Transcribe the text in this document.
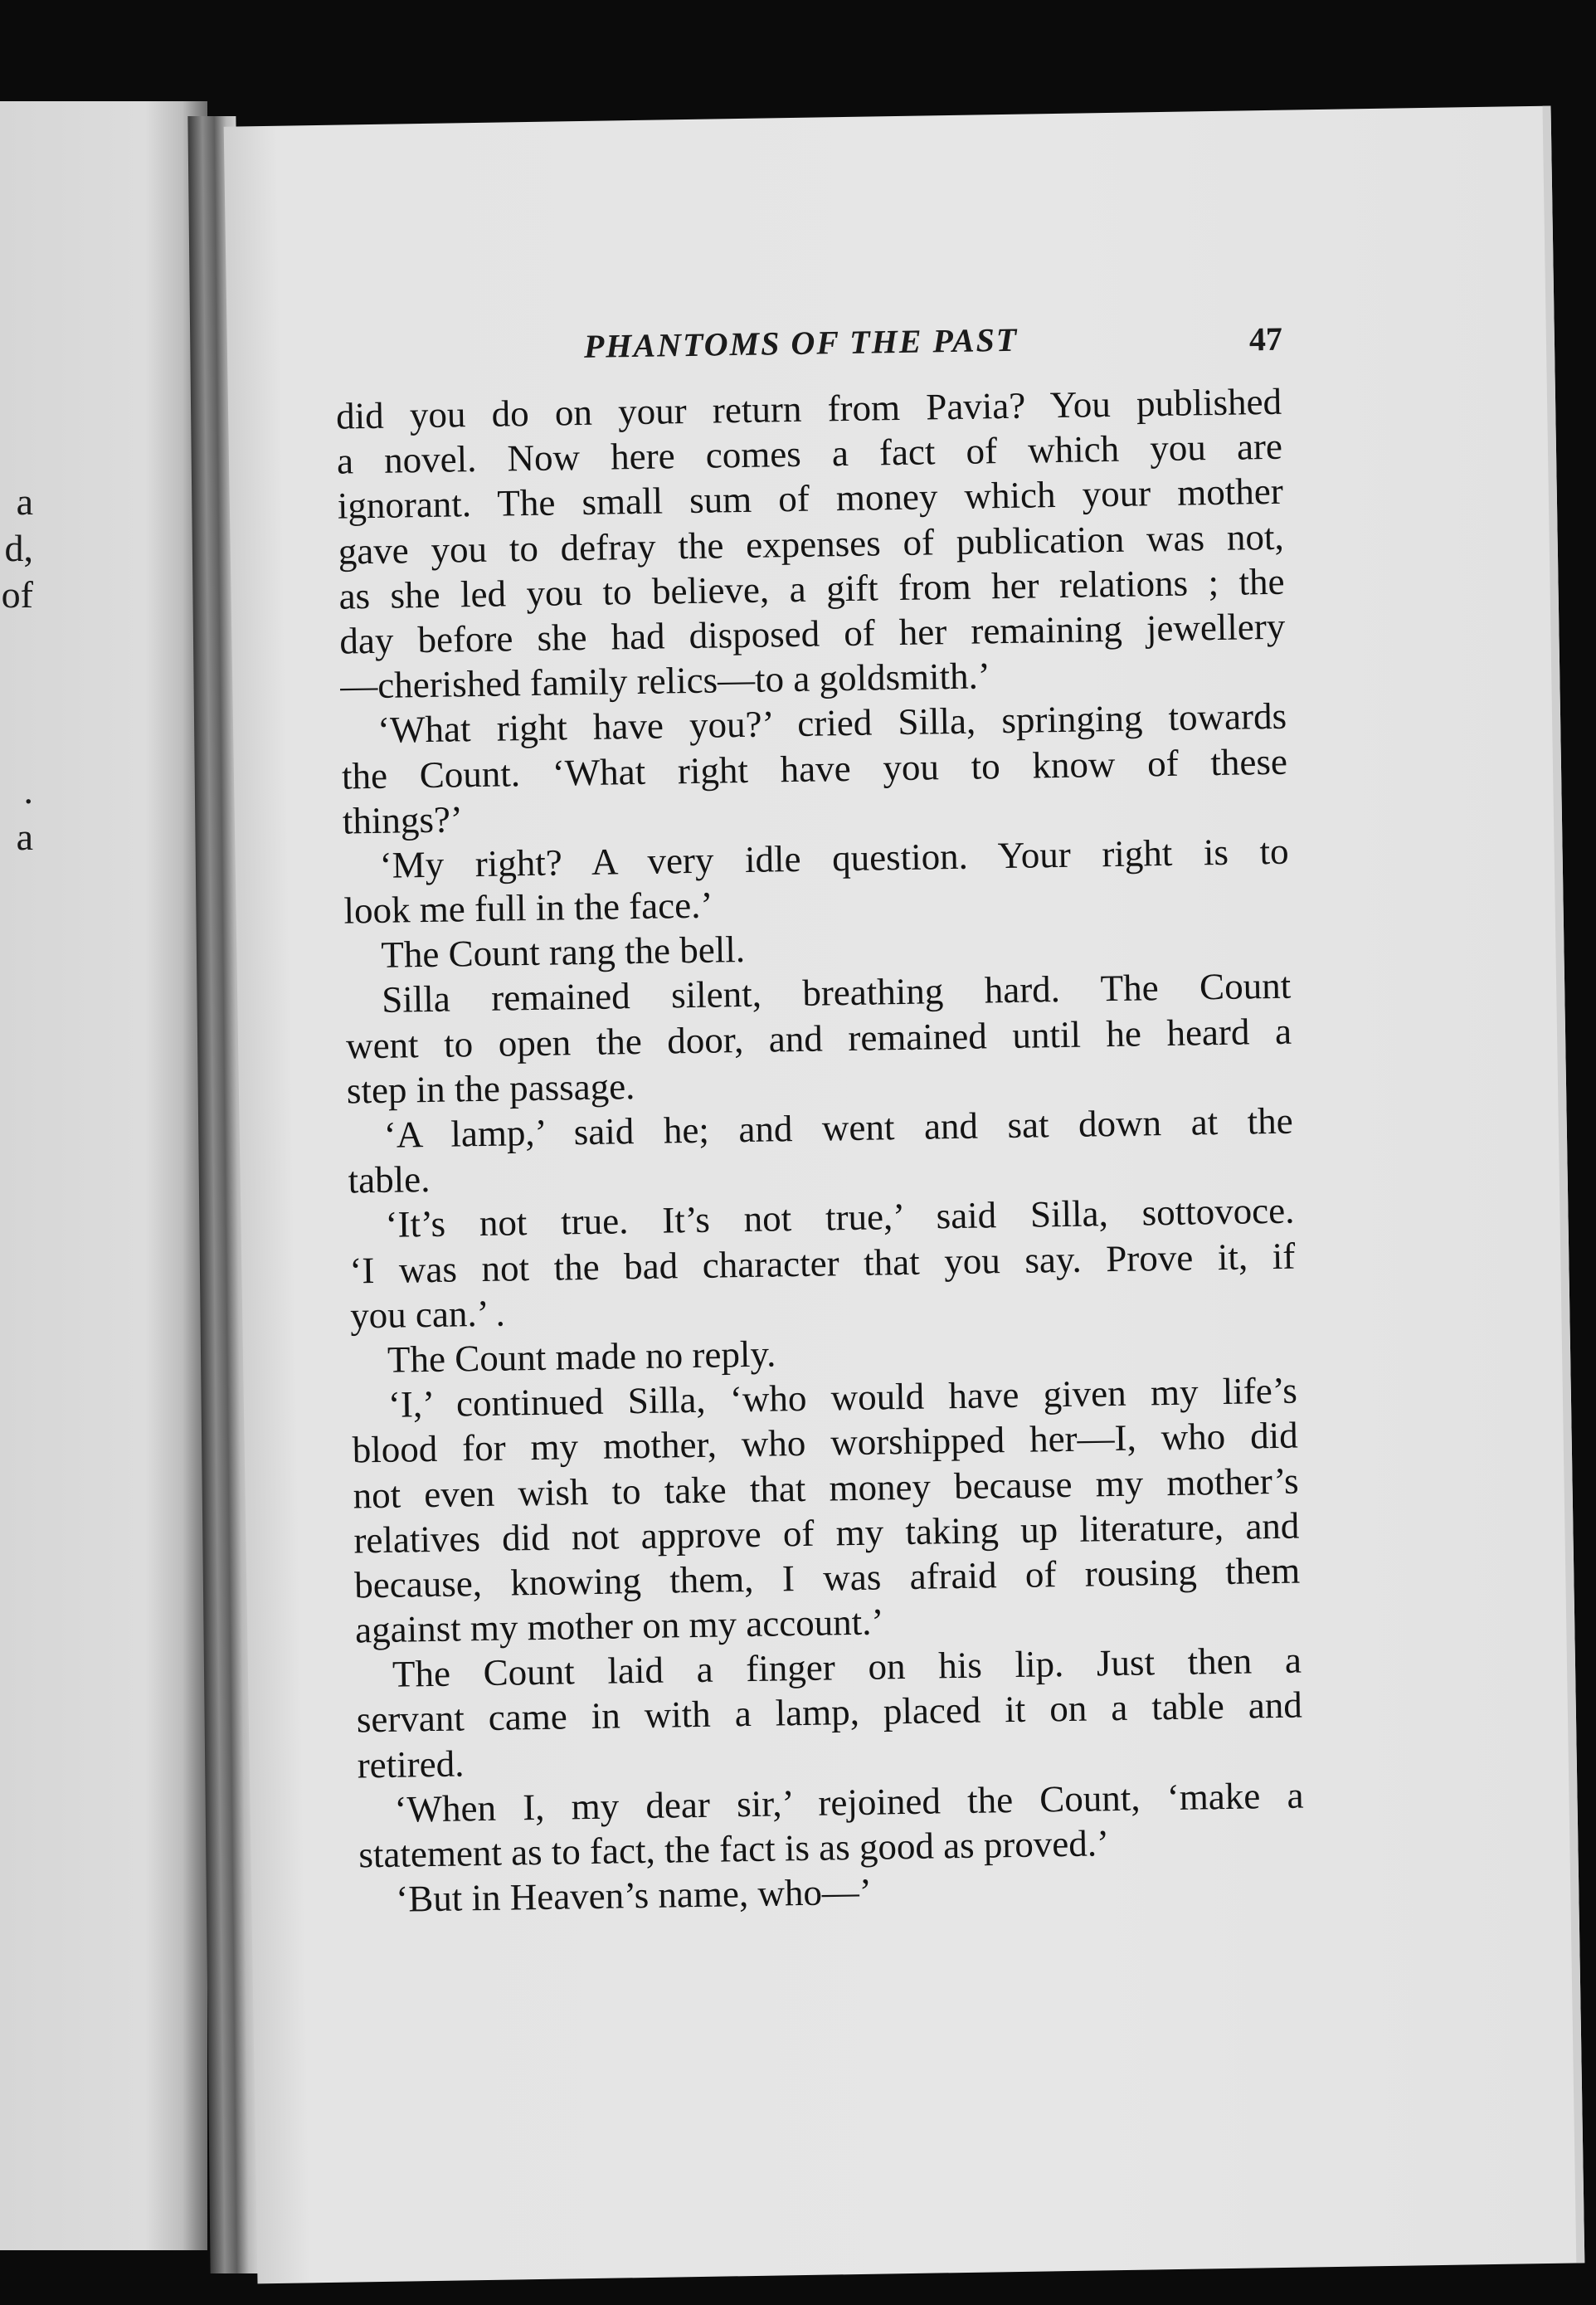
a
d,
of
.
a
PHANTOMS OF THE PAST	47
did you do on your return from Pavia? You published
a novel. Now here comes a fact of which you are
ignorant. The small sum of money which your mother
gave you to defray the expenses of publication was not,
as she led you to believe, a gift from her relations ; the
day before she had disposed of her remaining jewellery
—cherished family relics—to a goldsmith.’
‘What right have you?’ cried Silla, springing towards
the Count. ‘What right have you to know of these
things?’
‘My right? A very idle question. Your right is to
look me full in the face.’
The Count rang the bell.
Silla remained silent, breathing hard. The Count
went to open the door, and remained until he heard a
step in the passage.
‘A lamp,’ said he; and went and sat down at the
table.
‘It’s not true. It’s not true,’ said Silla, sottovoce.
‘I was not the bad character that you say. Prove it, if
you can.’ .
The Count made no reply.
‘I,’ continued Silla, ‘who would have given my life’s
blood for my mother, who worshipped her—I, who did
not even wish to take that money because my mother’s
relatives did not approve of my taking up literature, and
because, knowing them, I was afraid of rousing them
against my mother on my account.’
The Count laid a finger on his lip. Just then a
servant came in with a lamp, placed it on a table and
retired.
‘When I, my dear sir,’ rejoined the Count, ‘make a
statement as to fact, the fact is as good as proved.’
‘But in Heaven’s name, who—’
